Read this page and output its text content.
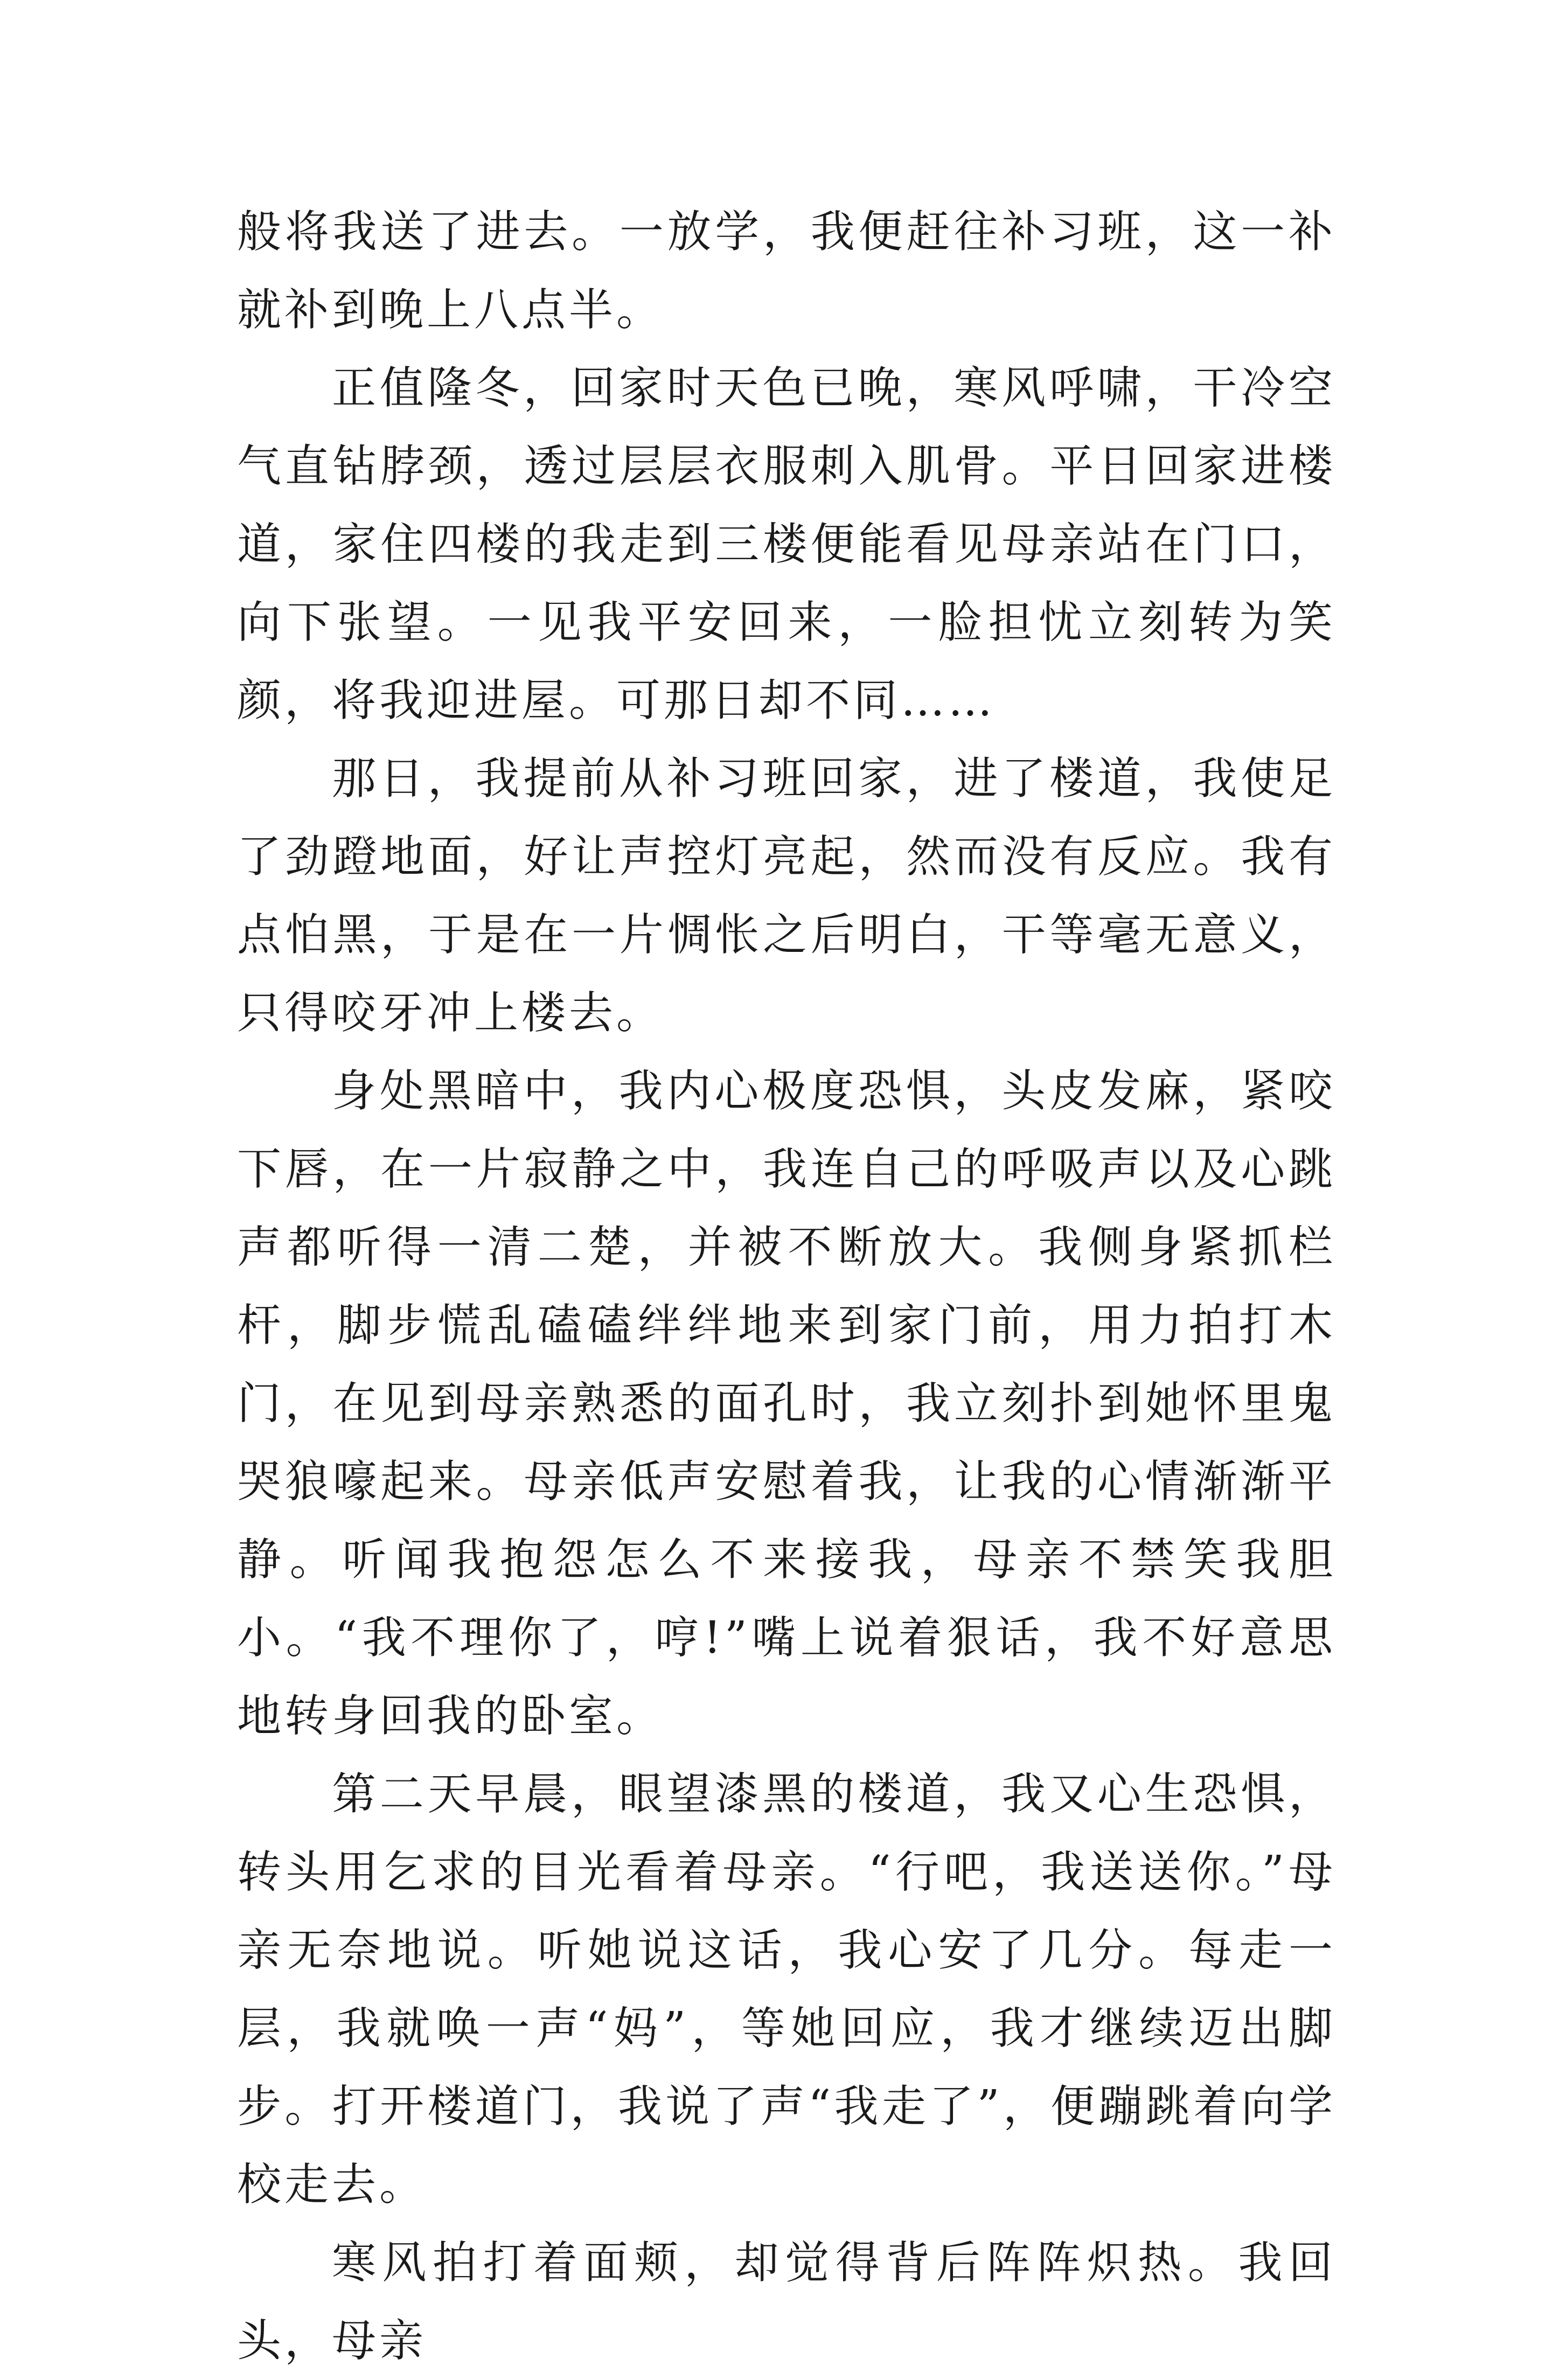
般将我送了进去。一放学，我便赶往补习班，这一补就补到晚上八点半。

正值隆冬，回家时天色已晚，寒风呼啸，干冷空气直钻脖颈，透过层层衣服刺入肌骨。平日回家进楼道，家住四楼的我走到三楼便能看见母亲站在门口，向下张望。一见我平安回来，一脸担忧立刻转为笑颜，将我迎进屋。可那日却不同……

那日，我提前从补习班回家，进了楼道，我使足了劲蹬地面，好让声控灯亮起，然而没有反应。我有点怕黑，于是在一片惆怅之后明白，干等毫无意义，只得咬牙冲上楼去。

身处黑暗中，我内心极度恐惧，头皮发麻，紧咬下唇，在一片寂静之中，我连自己的呼吸声以及心跳声都听得一清二楚，并被不断放大。我侧身紧抓栏杆，脚步慌乱磕磕绊绊地来到家门前，用力拍打木门，在见到母亲熟悉的面孔时，我立刻扑到她怀里鬼哭狼嚎起来。母亲低声安慰着我，让我的心情渐渐平静。听闻我抱怨怎么不来接我，母亲不禁笑我胆小。“我不理你了，哼!”嘴上说着狠话，我不好意思地转身回我的卧室。

第二天早晨，眼望漆黑的楼道，我又心生恐惧，转头用乞求的目光看着母亲。“行吧，我送送你。”母亲无奈地说。听她说这话，我心安了几分。每走一层，我就唤一声“妈”，等她回应，我才继续迈出脚步。打开楼道门，我说了声“我走了”，便蹦跳着向学校走去。

寒风拍打着面颊，却觉得背后阵阵炽热。我回头，母亲
